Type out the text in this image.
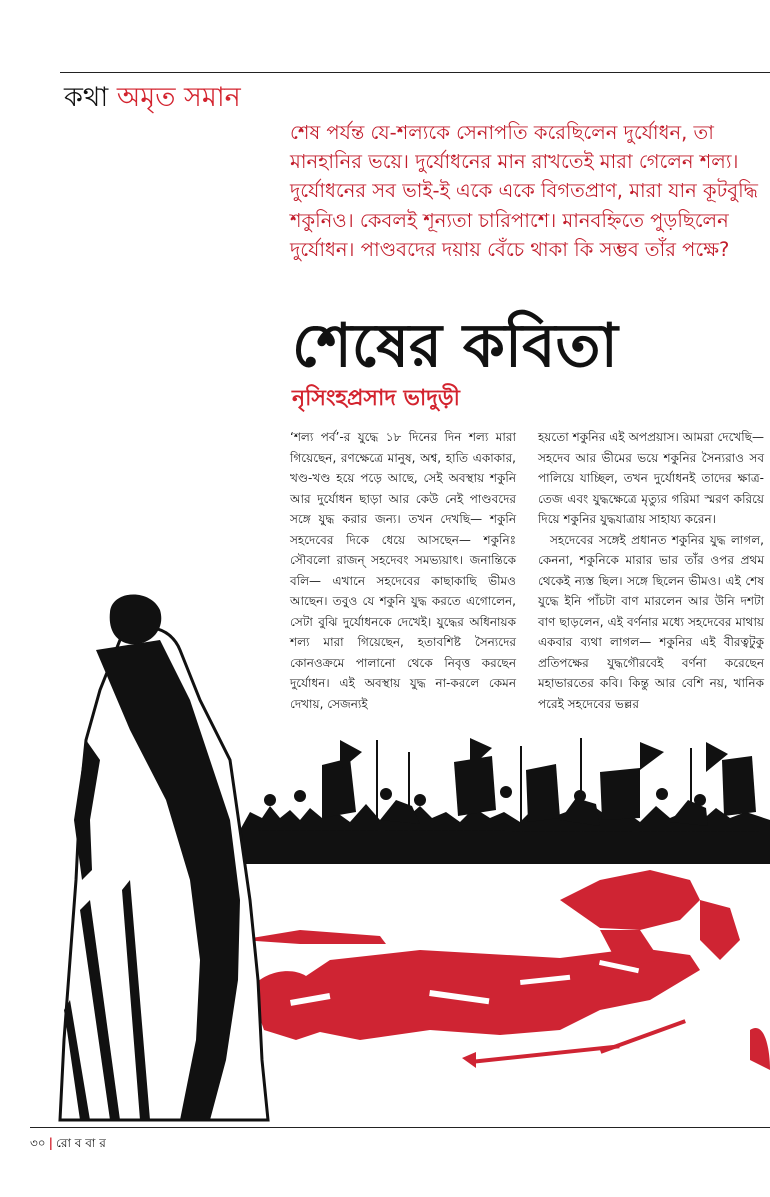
কথা অমৃত সমান

শেষ পর্যন্ত যে-শল্যকে সেনাপতি করেছিলেন দুর্যোধন, তা মানহানির ভয়ে। দুর্যোধনের মান রাখতেই মারা গেলেন শল্য। দুর্যোধনের সব ভাই-ই একে একে বিগতপ্রাণ, মারা যান কূটবুদ্ধি শকুনিও। কেবলই শূন্যতা চারিপাশে। মানবহ্নিতে পুড়ছিলেন দুর্যোধন। পাণ্ডবদের দয়ায় বেঁচে থাকা কি সম্ভব তাঁর পক্ষে?

শেষের কবিতা
নৃসিংহপ্রসাদ ভাদুড়ী

‘শল্য পর্ব’-র যুদ্ধে ১৮ দিনের দিন শল্য মারা গিয়েছেন, রণক্ষেত্রে মানুষ, অশ্ব, হাতি একাকার, খণ্ড-খণ্ড হয়ে পড়ে আছে, সেই অবস্থায় শকুনি আর দুর্যোধন ছাড়া আর কেউ নেই পাণ্ডবদের সঙ্গে যুদ্ধ করার জন্য। তখন দেখছি— শকুনি সহদেবের দিকে ধেয়ে আসছেন— শকুনিঃ সৌবলো রাজন্ সহদেবং সমভ্যয়াৎ। জনান্তিকে বলি— এখানে সহদেবের কাছাকাছি ভীমও আছেন। তবুও যে শকুনি যুদ্ধ করতে এগোলেন, সেটা বুঝি দুর্যোধনকে দেখেই। যুদ্ধের অধিনায়ক শল্য মারা গিয়েছেন, হতাবশিষ্ট সৈন্যদের কোনওক্রমে পালানো থেকে নিবৃত্ত করছেন দুর্যোধন। এই অবস্থায় যুদ্ধ না-করলে কেমন দেখায়, সেজন্যই

হয়তো শকুনির এই অপপ্রয়াস। আমরা দেখেছি— সহদেব আর ভীমের ভয়ে শকুনির সৈন্যরাও সব পালিয়ে যাচ্ছিল, তখন দুর্যোধনই তাদের ক্ষাত্র-তেজ এবং যুদ্ধক্ষেত্রে মৃত্যুর গরিমা স্মরণ করিয়ে দিয়ে শকুনির যুদ্ধযাত্রায় সাহায্য করেন।

সহদেবের সঙ্গেই প্রধানত শকুনির যুদ্ধ লাগল, কেননা, শকুনিকে মারার ভার তাঁর ওপর প্রথম থেকেই ন্যস্ত ছিল। সঙ্গে ছিলেন ভীমও। এই শেষ যুদ্ধে ইনি পাঁচটা বাণ মারলেন আর উনি দশটা বাণ ছাড়লেন, এই বর্ণনার মধ্যে সহদেবের মাথায় একবার ব্যথা লাগল— শকুনির এই বীরত্বটুকু প্রতিপক্ষের যুদ্ধগৌরবেই বর্ণনা করেছেন মহাভারতের কবি। কিন্তু আর বেশি নয়, খানিক পরেই সহদেবের ভল্লর

৩০ | রো ব বা র
